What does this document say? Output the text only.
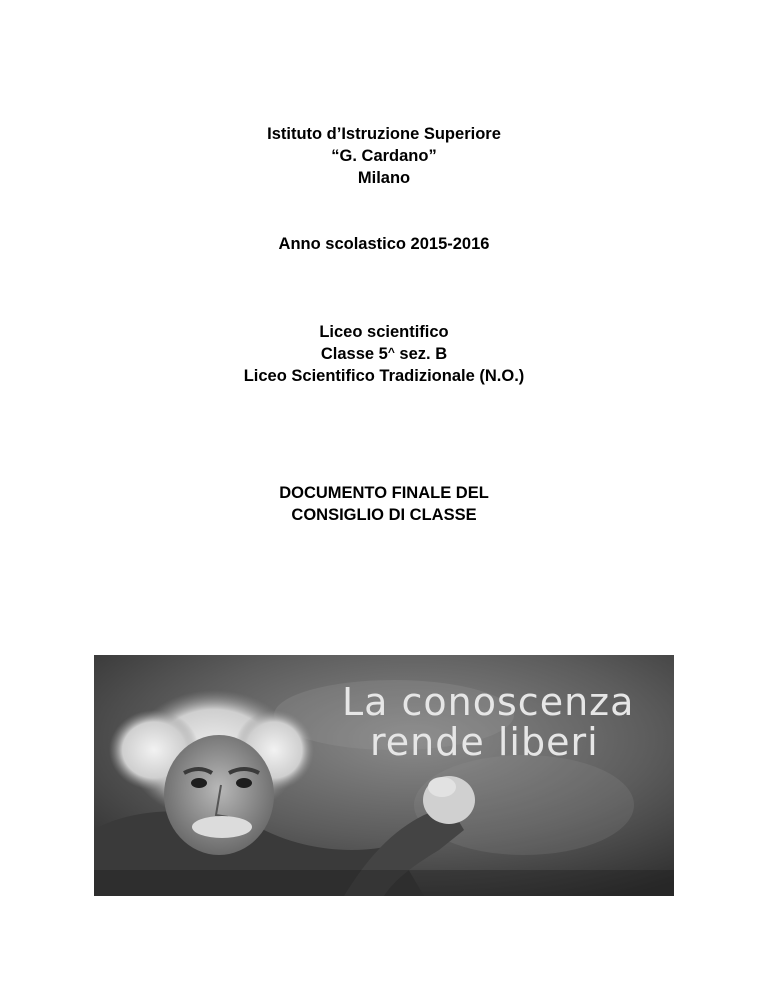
Istituto d’Istruzione Superiore
“G. Cardano”
Milano
Anno scolastico 2015-2016
Liceo scientifico
Classe 5^ sez. B
Liceo Scientifico Tradizionale (N.O.)
DOCUMENTO FINALE DEL
CONSIGLIO DI CLASSE
La conoscenza
rende liberi
